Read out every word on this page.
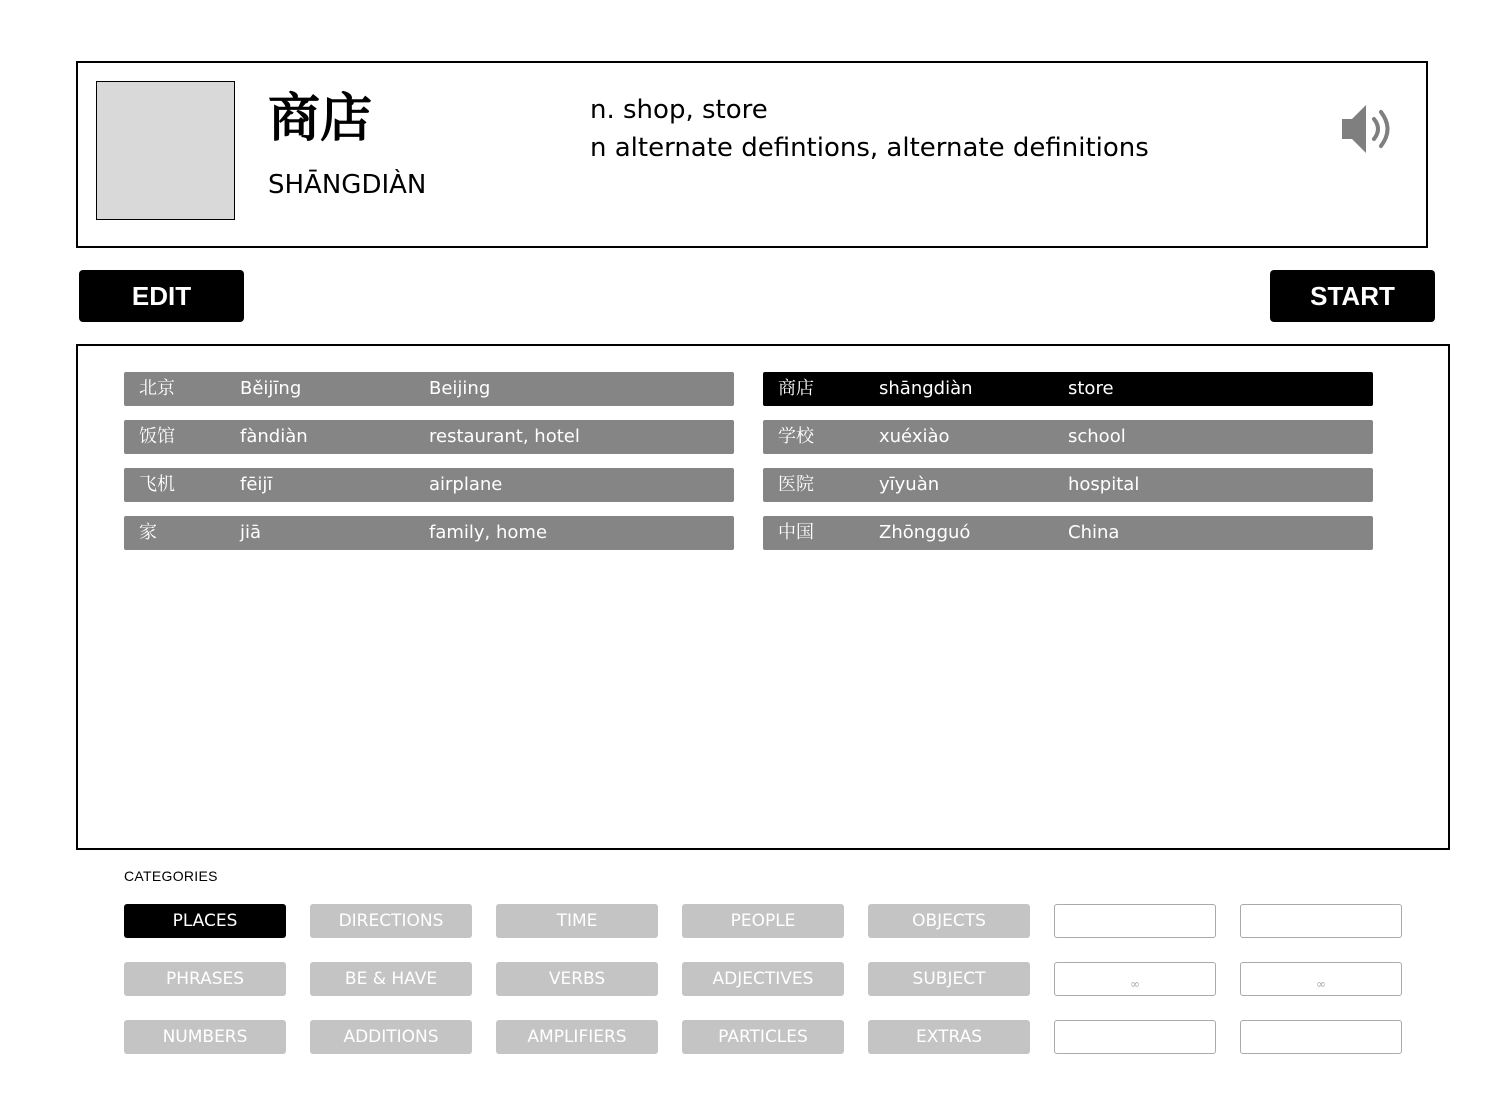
商店
SHĀNGDIÀN
n. shop, store
n alternate defintions, alternate definitions
EDIT	START
北京	Běijīng	Beijing
饭馆	fàndiàn	restaurant, hotel
飞机	fēijī	airplane
家	jiā	family, home
商店	shāngdiàn	store
学校	xuéxiào	school
医院	yīyuàn	hospital
中国	Zhōngguó	China
CATEGORIES
PLACES	DIRECTIONS	TIME	PEOPLE	OBJECTS
PHRASES	BE & HAVE	VERBS	ADJECTIVES	SUBJECT	∞	∞
NUMBERS	ADDITIONS	AMPLIFIERS	PARTICLES	EXTRAS
